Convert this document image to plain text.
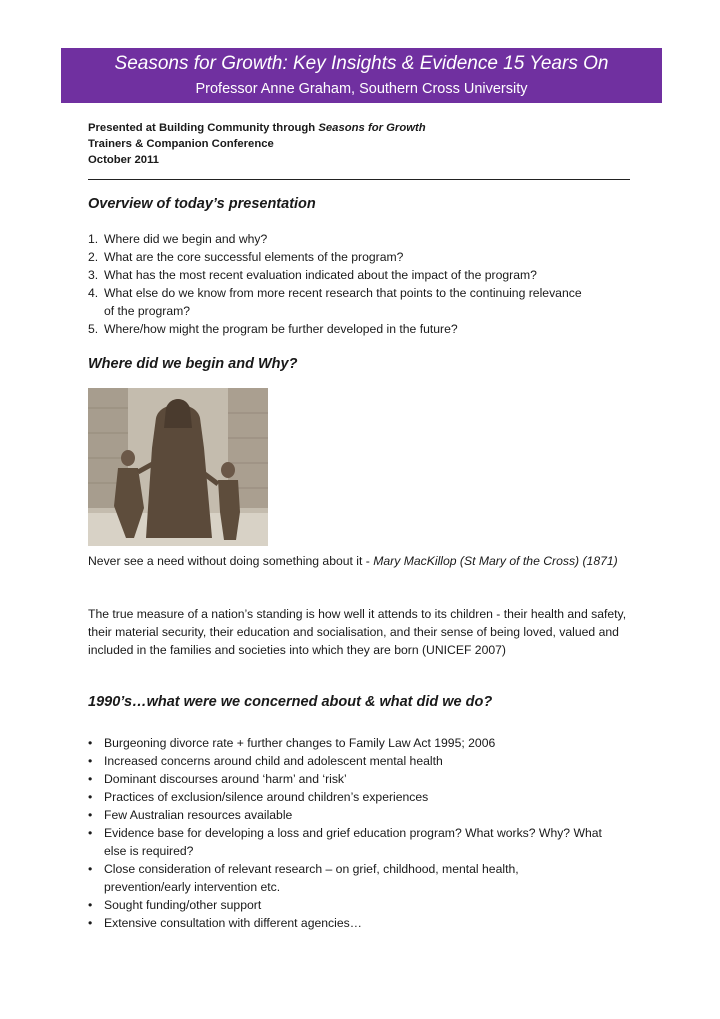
Seasons for Growth: Key Insights & Evidence 15 Years On
Professor Anne Graham, Southern Cross University
Presented at Building Community through Seasons for Growth
Trainers & Companion Conference
October 2011
Overview of today’s presentation
1. Where did we begin and why?
2. What are the core successful elements of the program?
3. What has the most recent evaluation indicated about the impact of the program?
4. What else do we know from more recent research that points to the continuing relevance of the program?
5. Where/how might the program be further developed in the future?
Where did we begin and Why?

Never see a need without doing something about it - Mary MacKillop (St Mary of the Cross) (1871)

The true measure of a nation’s standing is how well it attends to its children - their health and safety, their material security, their education and socialisation, and their sense of being loved, valued and included in the families and societies into which they are born (UNICEF 2007)

1990’s…what were we concerned about & what did we do?
• Burgeoning divorce rate + further changes to Family Law Act 1995; 2006
• Increased concerns around child and adolescent mental health
• Dominant discourses around ‘harm’ and ‘risk’
• Practices of exclusion/silence around children’s experiences
• Few Australian resources available
• Evidence base for developing a loss and grief education program? What works? Why? What else is required?
• Close consideration of relevant research – on grief, childhood, mental health, prevention/early intervention etc.
• Sought funding/other support
• Extensive consultation with different agencies…
